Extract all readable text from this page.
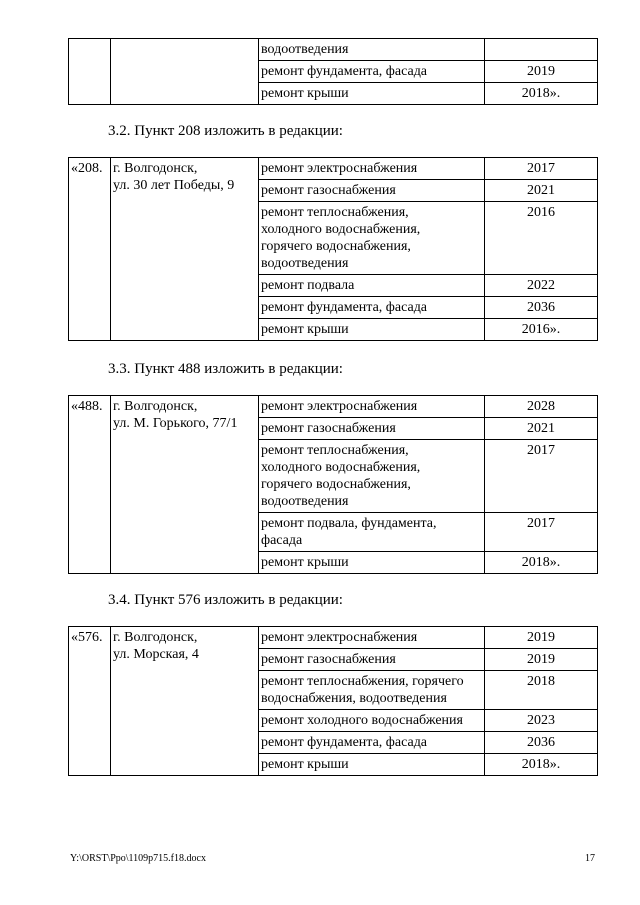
		водоотведения	
		ремонт фундамента, фасада	2019
		ремонт крыши	2018».
3.2. Пункт 208 изложить в редакции:
«208.	г. Волгодонск,
ул. 30 лет Победы, 9	ремонт электроснабжения	2017
		ремонт газоснабжения	2021
		ремонт теплоснабжения,
холодного водоснабжения,
горячего водоснабжения,
водоотведения	2016
		ремонт подвала	2022
		ремонт фундамента, фасада	2036
		ремонт крыши	2016».
3.3. Пункт 488 изложить в редакции:
«488.	г. Волгодонск,
ул. М. Горького, 77/1	ремонт электроснабжения	2028
		ремонт газоснабжения	2021
		ремонт теплоснабжения,
холодного водоснабжения,
горячего водоснабжения,
водоотведения	2017
		ремонт подвала, фундамента,
фасада	2017
		ремонт крыши	2018».
3.4. Пункт 576 изложить в редакции:
«576.	г. Волгодонск,
ул. Морская, 4	ремонт электроснабжения	2019
		ремонт газоснабжения	2019
		ремонт теплоснабжения, горячего
водоснабжения, водоотведения	2018
		ремонт холодного водоснабжения	2023
		ремонт фундамента, фасада	2036
		ремонт крыши	2018».
Y:\ORST\Ppo\1109p715.f18.docx	17
